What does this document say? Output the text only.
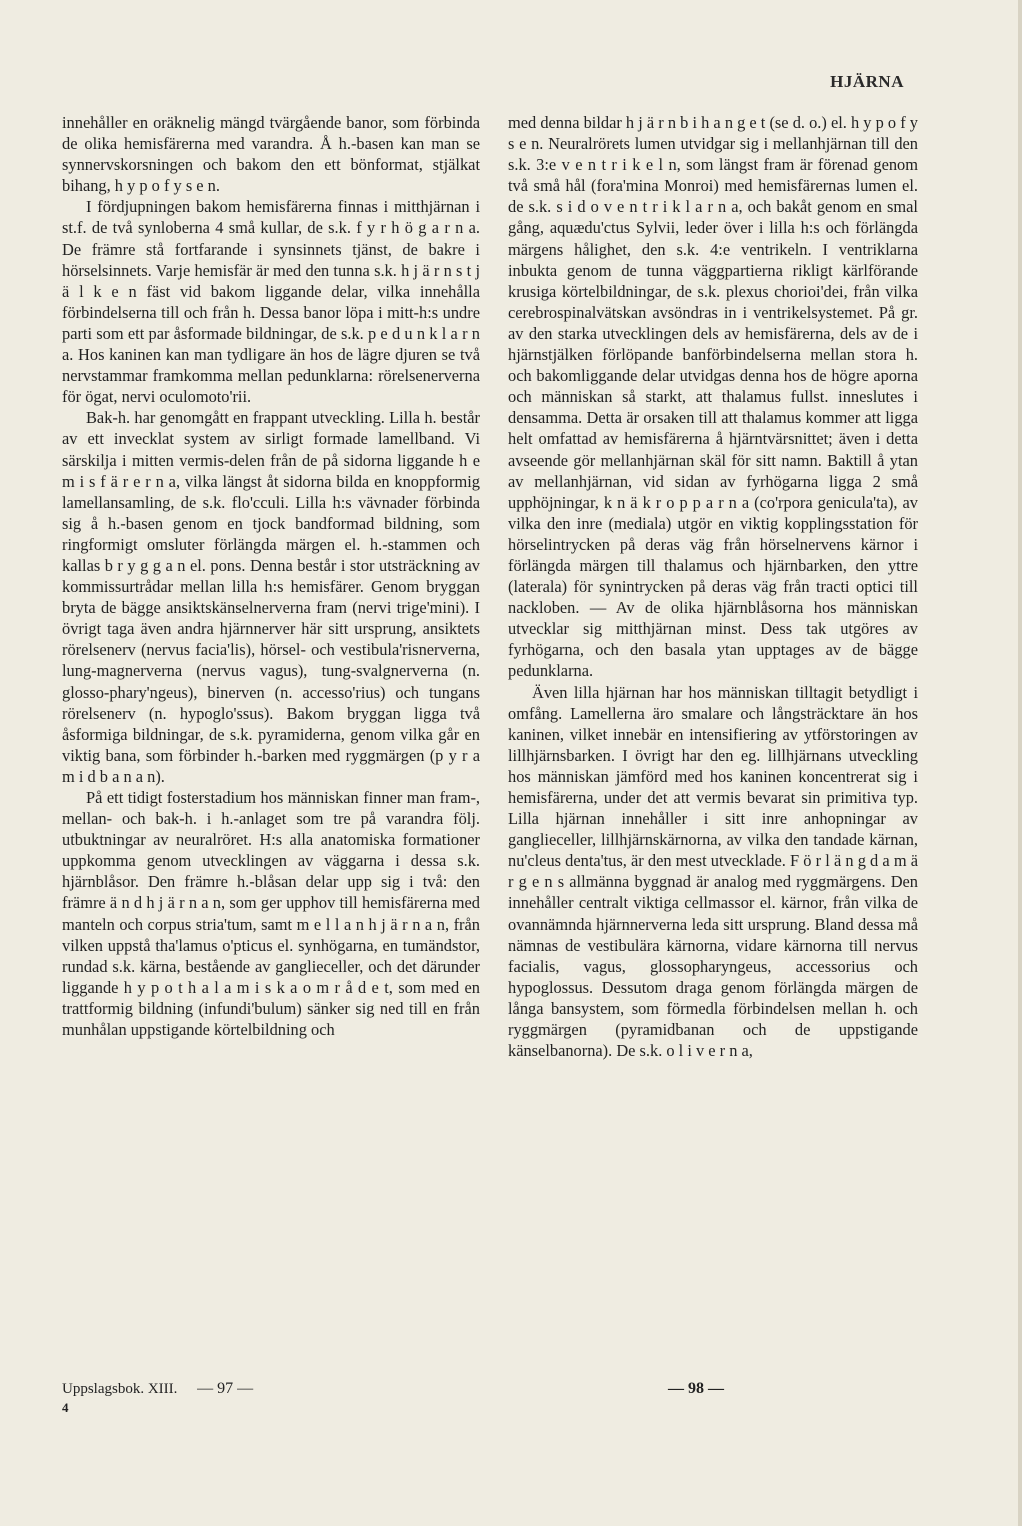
HJÄRNA

innehåller en oräknelig mängd tvärgående banor, som förbinda de olika hemisfärerna med varandra. Å h.-basen kan man se synnervskorsningen och bakom den ett bönformat, stjälkat bihang, h y p o f y s e n.

I fördjupningen bakom hemisfärerna finnas i mitthjärnan i st.f. de två synloberna 4 små kullar, de s.k. f y r h ö g a r n a. De främre stå fortfarande i synsinnets tjänst, de bakre i hörselsinnets. Varje hemisfär är med den tunna s.k. h j ä r n s t j ä l k e n fäst vid bakom liggande delar, vilka innehålla förbindelserna till och från h. Dessa banor löpa i mitt-h:s undre parti som ett par åsformade bildningar, de s.k. p e d u n k l a r n a. Hos kaninen kan man tydligare än hos de lägre djuren se två nervstammar framkomma mellan pedunklarna: rörelsenerverna för ögat, nervi oculomoto'rii.

Bak-h. har genomgått en frappant utveckling. Lilla h. består av ett invecklat system av sirligt formade lamellband. Vi särskilja i mitten vermis-delen från de på sidorna liggande h e m i s f ä r e r n a, vilka längst åt sidorna bilda en knoppformig lamellansamling, de s.k. flo'cculi. Lilla h:s vävnader förbinda sig å h.-basen genom en tjock bandformad bildning, som ringformigt omsluter förlängda märgen el. h.-stammen och kallas b r y g g a n el. pons. Denna består i stor utsträckning av kommissurtrådar mellan lilla h:s hemisfärer. Genom bryggan bryta de bägge ansiktskänselnerverna fram (nervi trige'mini). I övrigt taga även andra hjärnnerver här sitt ursprung, ansiktets rörelsenerv (nervus facia'lis), hörsel- och vestibula'risnerverna, lung-magnerverna (nervus vagus), tung-svalgnerverna (n. glosso-phary'ngeus), binerven (n. accesso'rius) och tungans rörelsenerv (n. hypoglo'ssus). Bakom bryggan ligga två åsformiga bildningar, de s.k. pyramiderna, genom vilka går en viktig bana, som förbinder h.-barken med ryggmärgen (p y r a m i d b a n a n).

På ett tidigt fosterstadium hos människan finner man fram-, mellan- och bak-h. i h.-anlaget som tre på varandra följ. utbuktningar av neuralröret. H:s alla anatomiska formationer uppkomma genom utvecklingen av väggarna i dessa s.k. hjärnblåsor. Den främre h.-blåsan delar upp sig i två: den främre ä n d h j ä r n a n, som ger upphov till hemisfärerna med manteln och corpus stria'tum, samt m e l l a n h j ä r n a n, från vilken uppstå tha'lamus o'pticus el. synhögarna, en tumändstor, rundad s.k. kärna, bestående av ganglieceller, och det därunder liggande h y p o t h a l a m i s k a o m r å d e t, som med en trattformig bildning (infundi'bulum) sänker sig ned till en från munhålan uppstigande körtelbildning och

med denna bildar h j ä r n b i h a n g e t (se d. o.) el. h y p o f y s e n. Neuralrörets lumen utvidgar sig i mellanhjärnan till den s.k. 3:e v e n t r i k e l n, som längst fram är förenad genom två små hål (fora'mina Monroi) med hemisfärernas lumen el. de s.k. s i d o v e n t r i k l a r n a, och bakåt genom en smal gång, aquædu'ctus Sylvii, leder över i lilla h:s och förlängda märgens hålighet, den s.k. 4:e ventrikeln. I ventriklarna inbukta genom de tunna väggpartierna rikligt kärlförande krusiga körtelbildningar, de s.k. plexus chorioi'dei, från vilka cerebrospinalvätskan avsöndras in i ventrikelsystemet. På gr. av den starka utvecklingen dels av hemisfärerna, dels av de i hjärnstjälken förlöpande banförbindelserna mellan stora h. och bakomliggande delar utvidgas denna hos de högre aporna och människan så starkt, att thalamus fullst. inneslutes i densamma. Detta är orsaken till att thalamus kommer att ligga helt omfattad av hemisfärerna å hjärntvärsnittet; även i detta avseende gör mellanhjärnan skäl för sitt namn. Baktill å ytan av mellanhjärnan, vid sidan av fyrhögarna ligga 2 små upphöjningar, k n ä k r o p p a r n a (co'rpora genicula'ta), av vilka den inre (mediala) utgör en viktig kopplingsstation för hörselintrycken på deras väg från hörselnervens kärnor i förlängda märgen till thalamus och hjärnbarken, den yttre (laterala) för synintrycken på deras väg från tracti optici till nackloben. — Av de olika hjärnblåsorna hos människan utvecklar sig mitthjärnan minst. Dess tak utgöres av fyrhögarna, och den basala ytan upptages av de bägge pedunklarna.

Även lilla hjärnan har hos människan tilltagit betydligt i omfång. Lamellerna äro smalare och långsträcktare än hos kaninen, vilket innebär en intensifiering av ytförstoringen av lillhjärnsbarken. I övrigt har den eg. lillhjärnans utveckling hos människan jämförd med hos kaninen koncentrerat sig i hemisfärerna, under det att vermis bevarat sin primitiva typ. Lilla hjärnan innehåller i sitt inre anhopningar av ganglieceller, lillhjärnskärnorna, av vilka den tandade kärnan, nu'cleus denta'tus, är den mest utvecklade. F ö r l ä n g d a m ä r g e n s allmänna byggnad är analog med ryggmärgens. Den innehåller centralt viktiga cellmassor el. kärnor, från vilka de ovannämnda hjärnnerverna leda sitt ursprung. Bland dessa må nämnas de vestibulära kärnorna, vidare kärnorna till nervus facialis, vagus, glossopharyngeus, accessorius och hypoglossus. Dessutom draga genom förlängda märgen de långa bansystem, som förmedla förbindelsen mellan h. och ryggmärgen (pyramidbanan och de uppstigande känselbanorna). De s.k. o l i v e r n a,

Uppslagsbok. XIII. — 97 —
4
— 98 —
